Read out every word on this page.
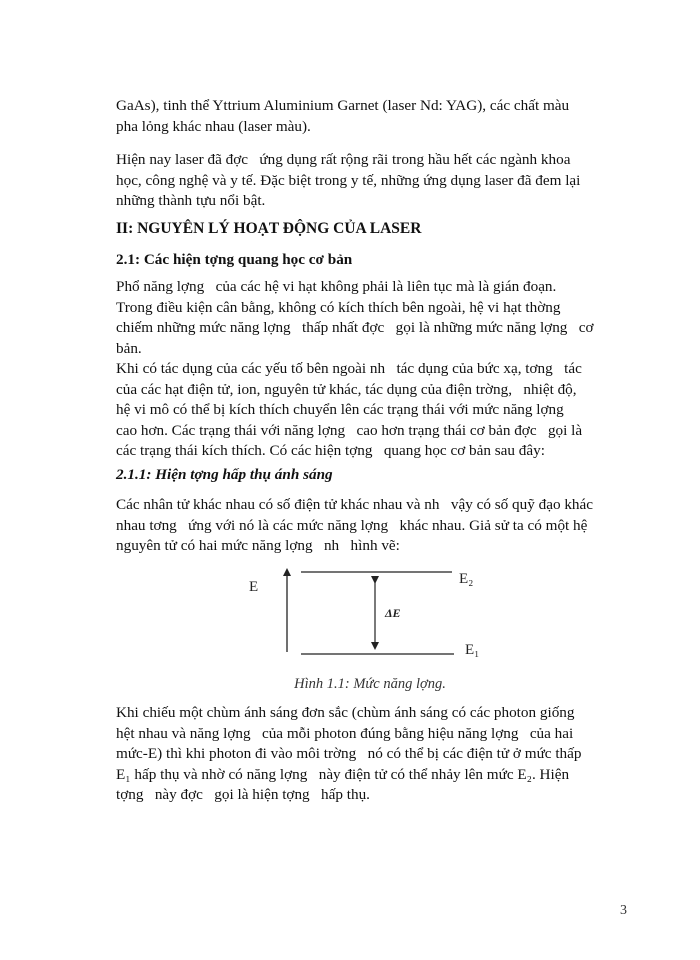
GaAs), tinh thể Yttrium Aluminium Garnet (laser Nd: YAG), các chất màu
pha lỏng khác nhau (laser màu).
Hiện nay laser đã đợc   ứng dụng rất rộng rãi trong hầu hết các ngành khoa
học, công nghệ và y tế. Đặc biệt trong y tế, những ứng dụng laser đã đem lại
những thành tựu nổi bật.
II: NGUYÊN LÝ HOẠT ĐỘNG CỦA LASER
2.1: Các hiện tợng quang học cơ bản
Phổ năng lợng   của các hệ vi hạt không phải là liên tục mà là gián đoạn.
Trong điều kiện cân bằng, không có kích thích bên ngoài, hệ vi hạt thờng
chiếm những mức năng lợng   thấp nhất đợc   gọi là những mức năng lợng   cơ
bản.
Khi có tác dụng của các yếu tố bên ngoài nh   tác dụng của bức xạ, tơng   tác
của các hạt điện tử, ion, nguyên tử khác, tác dụng của điện trờng,   nhiệt độ,
hệ vi mô có thể bị kích thích chuyển lên các trạng thái với mức năng lợng
cao hơn. Các trạng thái với năng lợng   cao hơn trạng thái cơ bản đợc   gọi là
các trạng thái kích thích. Có các hiện tợng   quang học cơ bản sau đây:
2.1.1: Hiện tợng hấp thụ ánh sáng
Các nhân tử khác nhau có số điện tử khác nhau và nh   vậy có số quỹ đạo khác
nhau tơng   ứng với nó là các mức năng lợng   khác nhau. Giả sử ta có một hệ
nguyên tử có hai mức năng lợng   nh   hình vẽ:
E	E₂
E₁
ΔE

Hình 1.1: Mức năng lợng.

Khi chiếu một chùm ánh sáng đơn sắc (chùm ánh sáng có các photon giống
hệt nhau và năng lợng   của mỗi photon đúng bằng hiệu năng lợng   của hai
mức-E) thì khi photon đi vào môi trờng   nó có thể bị các điện tử ở mức thấp
E₁ hấp thụ và nhờ có năng lợng   này điện tử có thể nhảy lên mức E₂. Hiện
tợng   này đợc   gọi là hiện tợng   hấp thụ.
3
